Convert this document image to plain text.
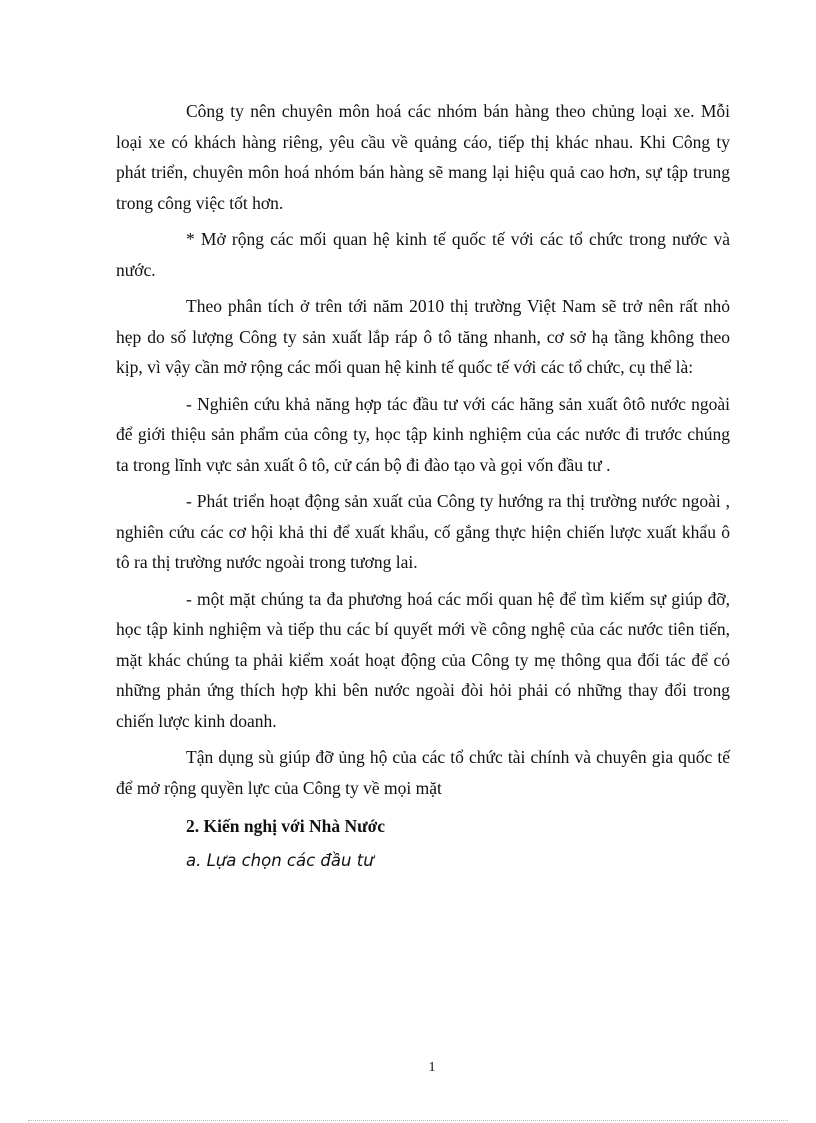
Công ty nên chuyên môn hoá các nhóm bán hàng theo chủng loại xe. Mỗi loại xe có khách hàng riêng, yêu cầu về quảng cáo, tiếp thị khác nhau. Khi Công ty phát triển, chuyên môn hoá nhóm bán hàng sẽ mang lại hiệu quả cao hơn, sự tập trung trong công việc tốt hơn.

* Mở rộng các mối quan hệ kinh tế quốc tế với các tổ chức trong nước và nước.

Theo phân tích ở trên tới năm 2010 thị trường Việt Nam sẽ trở nên rất nhỏ hẹp do số lượng Công ty sản xuất lắp ráp ô tô tăng nhanh, cơ sở hạ tầng không theo kịp, vì vậy cần mở rộng các mối quan hệ kinh tế quốc tế với các tổ chức, cụ thể là:

- Nghiên cứu khả năng hợp tác đầu tư với các hãng sản xuất ôtô nước ngoài để giới thiệu sản phẩm của công ty, học tập kinh nghiệm của các nước đi trước chúng ta trong lĩnh vực sản xuất ô tô, cử cán bộ đi đào tạo và gọi vốn đầu tư .

- Phát triển hoạt động sản xuất của Công ty hướng ra thị trường nước ngoài , nghiên cứu các cơ hội khả thi để xuất khẩu, cố gắng thực hiện chiến lược xuất khẩu ô tô ra thị trường nước ngoài trong tương lai.

- một mặt chúng ta đa phương hoá các mối quan hệ để tìm kiếm sự giúp đỡ, học tập kinh nghiệm và tiếp thu các bí quyết mới về công nghệ của các nước tiên tiến, mặt khác chúng ta phải kiểm xoát hoạt động của Công ty mẹ thông qua đối tác để có những phản ứng thích hợp khi bên nước ngoài đòi hỏi phải có những thay đổi trong chiến lược kinh doanh.

Tận dụng sù giúp đỡ ủng hộ của các tổ chức tài chính và chuyên gia quốc tế để mở rộng quyền lực của Công ty về mọi mặt

2. Kiến nghị với Nhà Nước

a. Lựa chọn các đầu tư

1
